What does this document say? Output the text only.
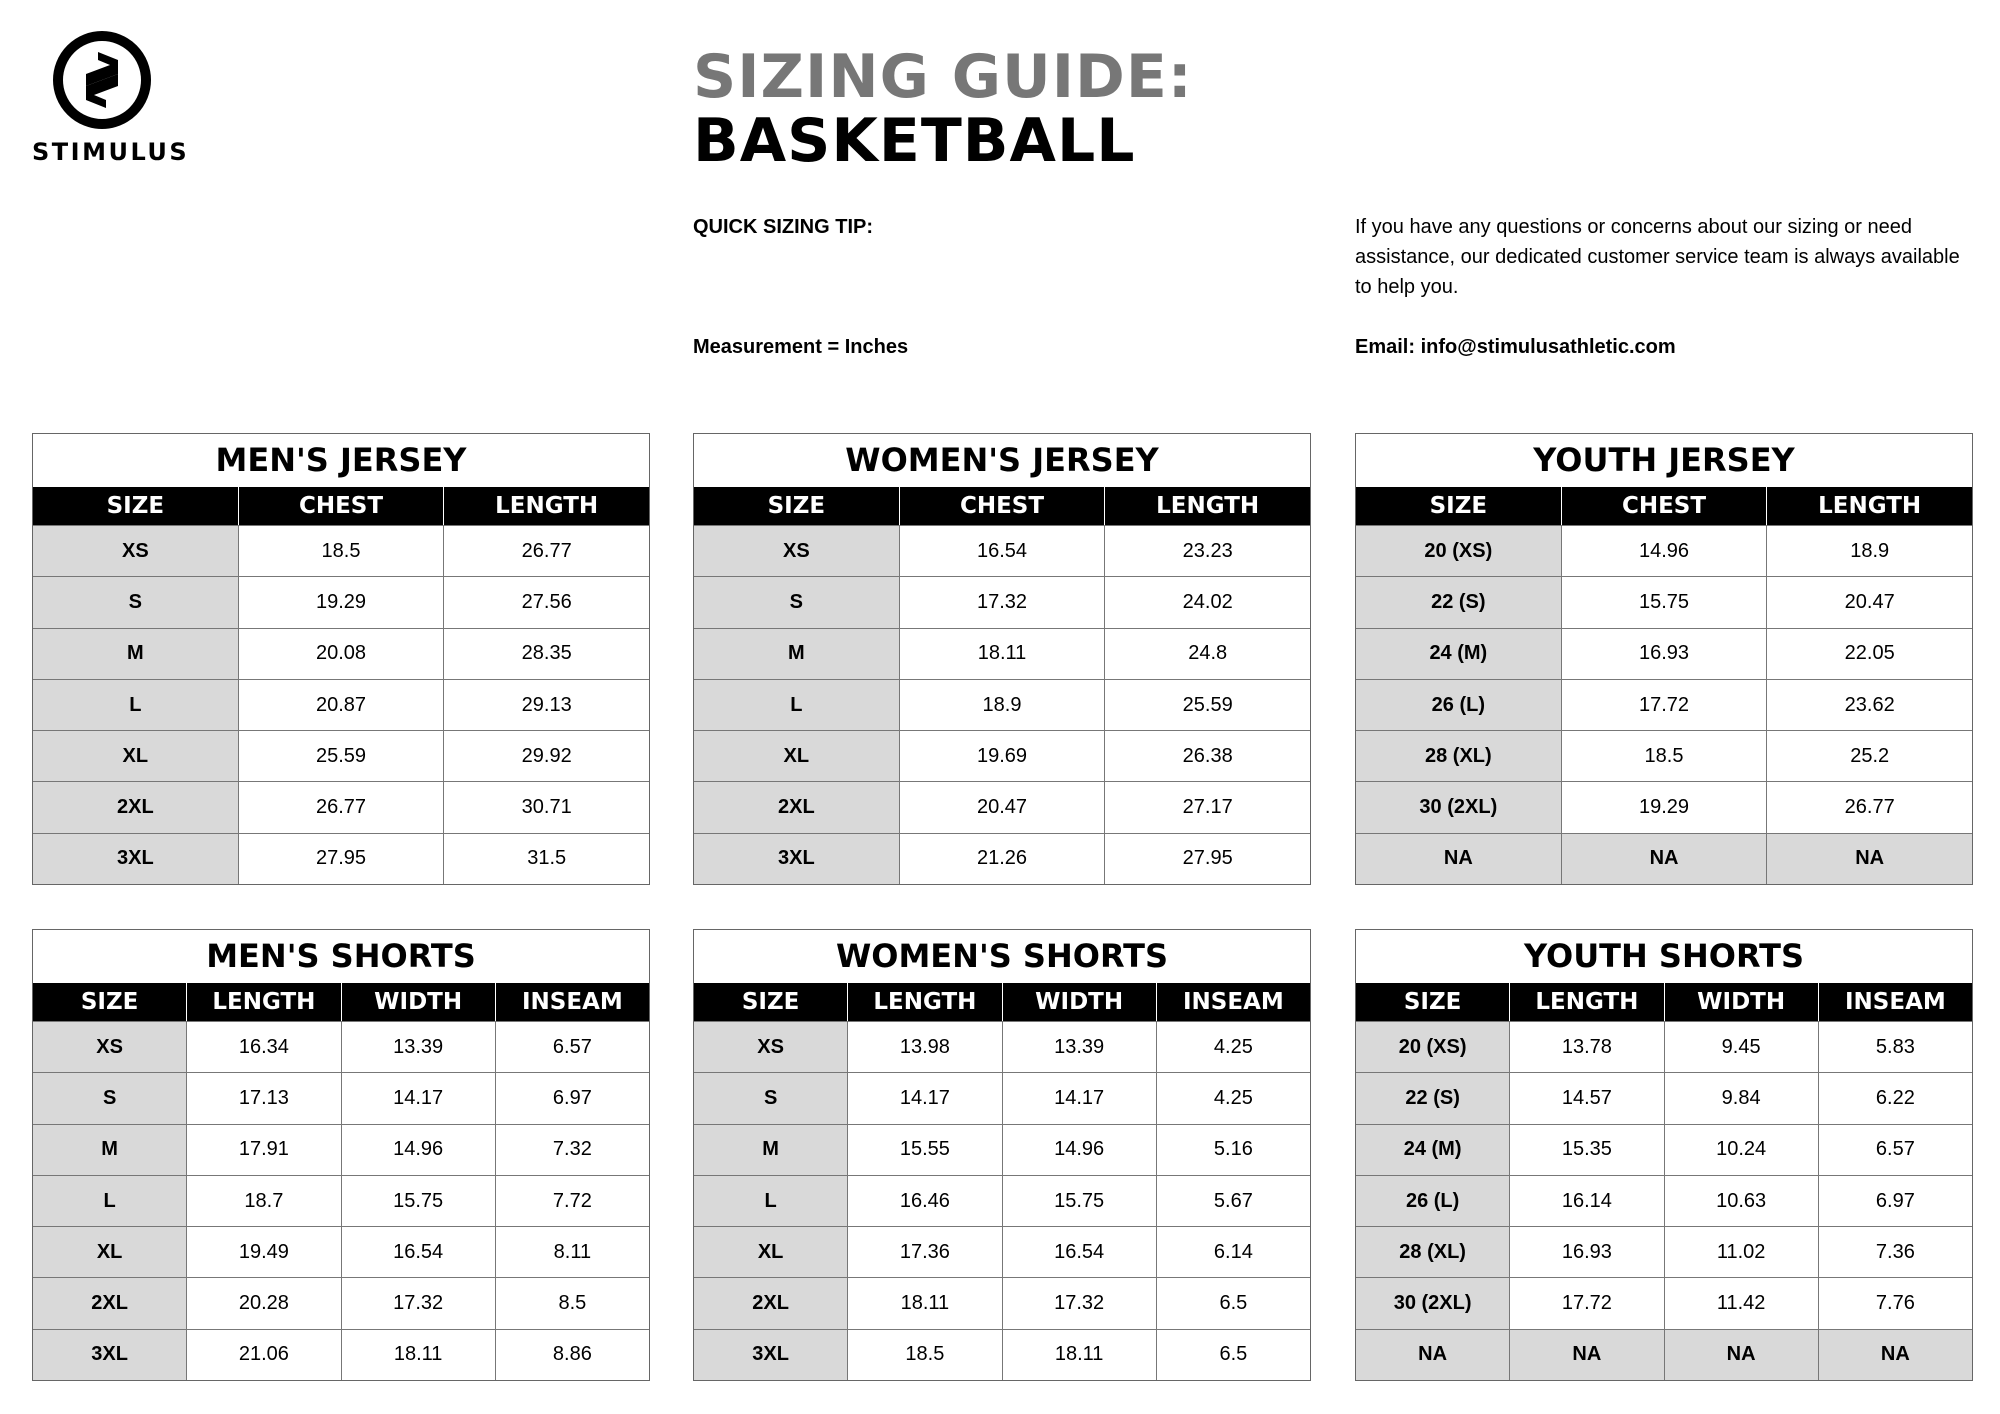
STIMULUS
SIZING GUIDE:
BASKETBALL
QUICK SIZING TIP:
Measurement = Inches
If you have any questions or concerns about our sizing or need assistance, our dedicated customer service team is always available to help you.
Email: info@stimulusathletic.com
MEN'S JERSEY
SIZE	CHEST	LENGTH
XS	18.5	26.77
S	19.29	27.56
M	20.08	28.35
L	20.87	29.13
XL	25.59	29.92
2XL	26.77	30.71
3XL	27.95	31.5
WOMEN'S JERSEY
SIZE	CHEST	LENGTH
XS	16.54	23.23
S	17.32	24.02
M	18.11	24.8
L	18.9	25.59
XL	19.69	26.38
2XL	20.47	27.17
3XL	21.26	27.95
YOUTH JERSEY
SIZE	CHEST	LENGTH
20 (XS)	14.96	18.9
22 (S)	15.75	20.47
24 (M)	16.93	22.05
26 (L)	17.72	23.62
28 (XL)	18.5	25.2
30 (2XL)	19.29	26.77
NA	NA	NA
MEN'S SHORTS
SIZE	LENGTH	WIDTH	INSEAM
XS	16.34	13.39	6.57
S	17.13	14.17	6.97
M	17.91	14.96	7.32
L	18.7	15.75	7.72
XL	19.49	16.54	8.11
2XL	20.28	17.32	8.5
3XL	21.06	18.11	8.86
WOMEN'S SHORTS
SIZE	LENGTH	WIDTH	INSEAM
XS	13.98	13.39	4.25
S	14.17	14.17	4.25
M	15.55	14.96	5.16
L	16.46	15.75	5.67
XL	17.36	16.54	6.14
2XL	18.11	17.32	6.5
3XL	18.5	18.11	6.5
YOUTH SHORTS
SIZE	LENGTH	WIDTH	INSEAM
20 (XS)	13.78	9.45	5.83
22 (S)	14.57	9.84	6.22
24 (M)	15.35	10.24	6.57
26 (L)	16.14	10.63	6.97
28 (XL)	16.93	11.02	7.36
30 (2XL)	17.72	11.42	7.76
NA	NA	NA	NA
